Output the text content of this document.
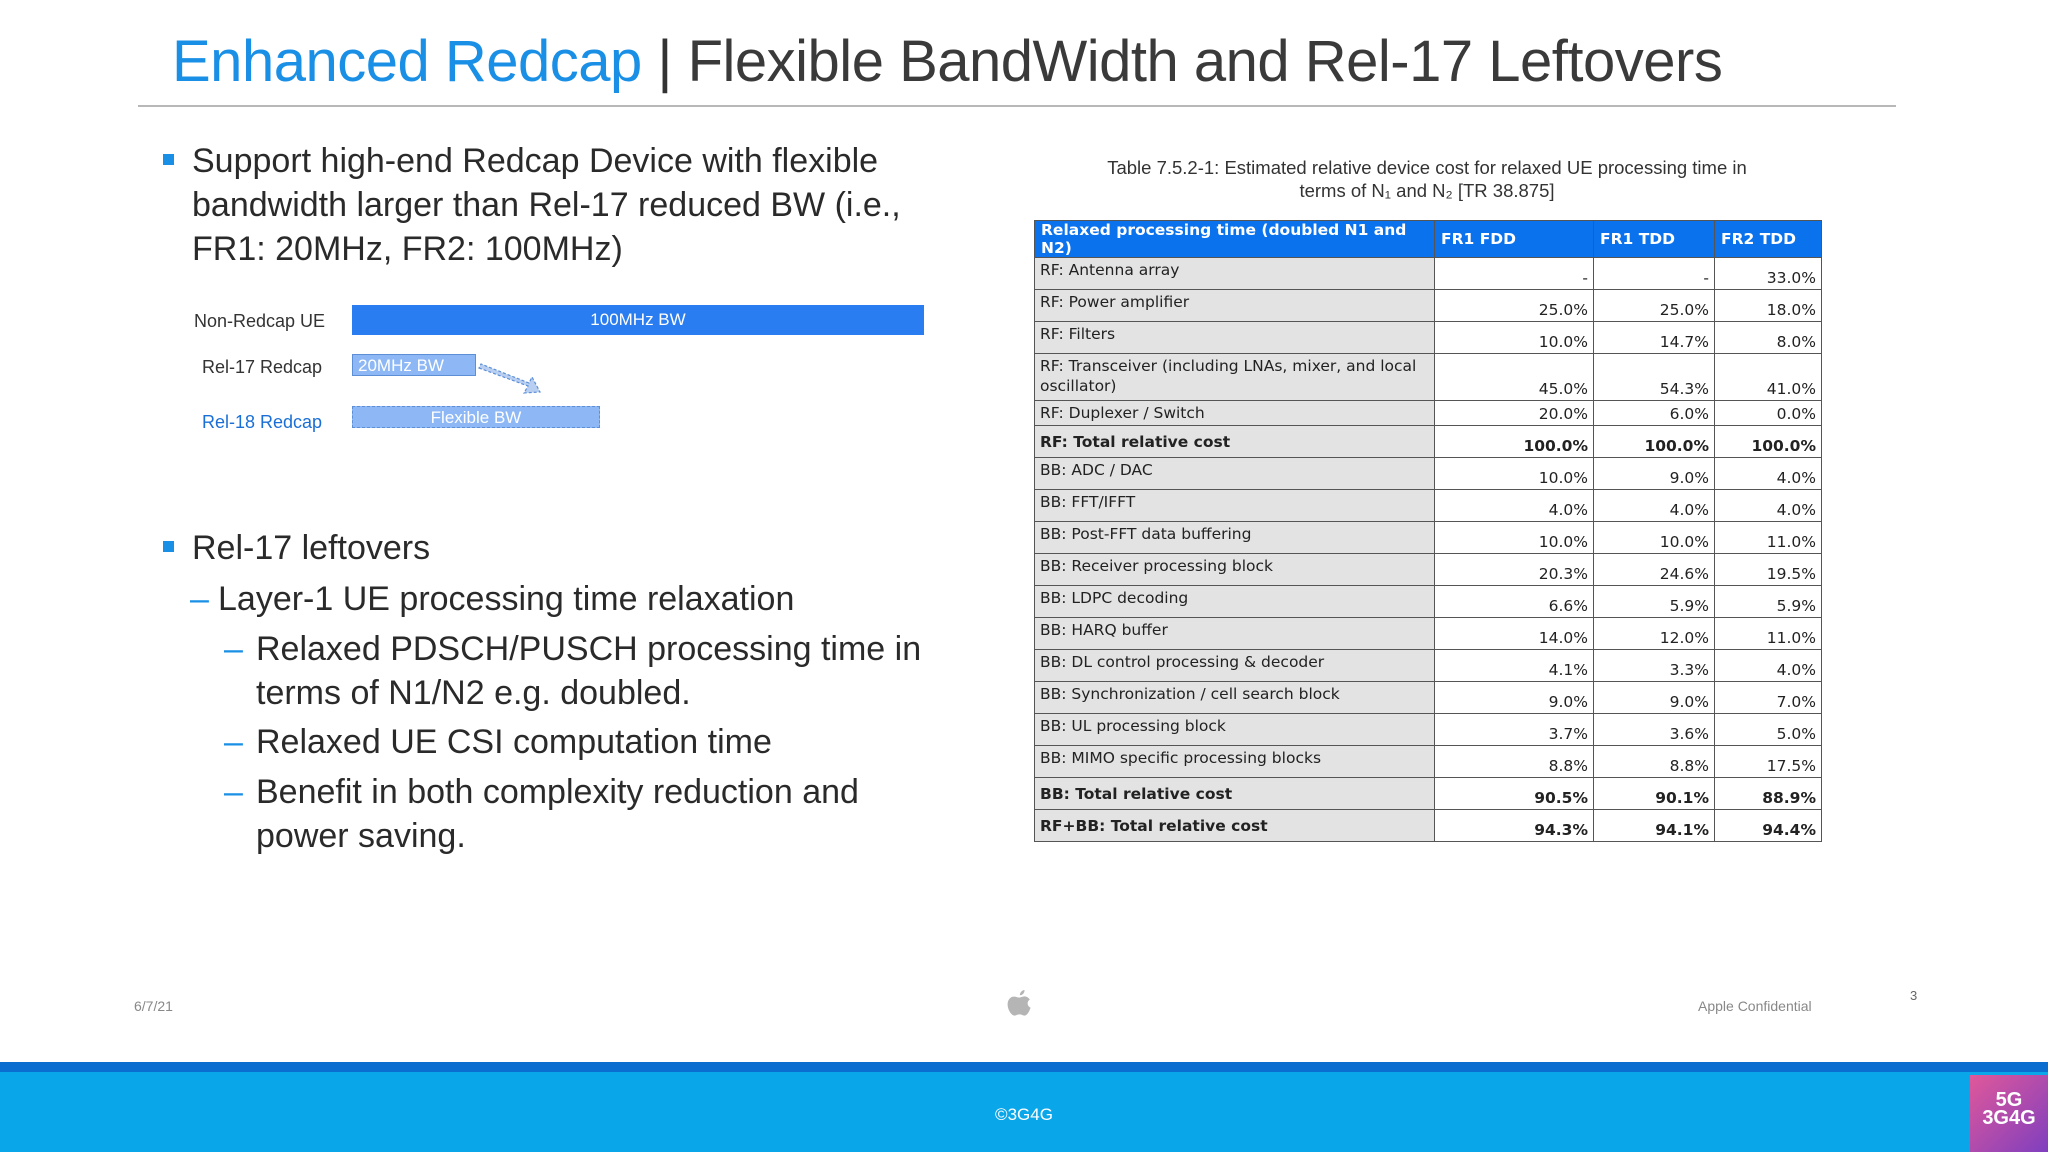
Enhanced Redcap | Flexible BandWidth and Rel-17 Leftovers
Support high-end Redcap Device with flexible
bandwidth larger than Rel-17 reduced BW (i.e.,
FR1: 20MHz, FR2: 100MHz)
Non-Redcap UE	100MHz BW
Rel-17 Redcap	20MHz BW
Rel-18 Redcap	Flexible BW
Rel-17 leftovers
– Layer-1 UE processing time relaxation
– Relaxed PDSCH/PUSCH processing time in
terms of N1/N2 e.g. doubled.
– Relaxed UE CSI computation time
– Benefit in both complexity reduction and
power saving.
Table 7.5.2-1: Estimated relative device cost for relaxed UE processing time in
terms of N₁ and N₂ [TR 38.875]
Relaxed processing time (doubled N1 and N2)	FR1 FDD	FR1 TDD	FR2 TDD
RF: Antenna array	-	-	33.0%
RF: Power amplifier	25.0%	25.0%	18.0%
RF: Filters	10.0%	14.7%	8.0%
RF: Transceiver (including LNAs, mixer, and local oscillator)	45.0%	54.3%	41.0%
RF: Duplexer / Switch	20.0%	6.0%	0.0%
RF: Total relative cost	100.0%	100.0%	100.0%
BB: ADC / DAC	10.0%	9.0%	4.0%
BB: FFT/IFFT	4.0%	4.0%	4.0%
BB: Post-FFT data buffering	10.0%	10.0%	11.0%
BB: Receiver processing block	20.3%	24.6%	19.5%
BB: LDPC decoding	6.6%	5.9%	5.9%
BB: HARQ buffer	14.0%	12.0%	11.0%
BB: DL control processing & decoder	4.1%	3.3%	4.0%
BB: Synchronization / cell search block	9.0%	9.0%	7.0%
BB: UL processing block	3.7%	3.6%	5.0%
BB: MIMO specific processing blocks	8.8%	8.8%	17.5%
BB: Total relative cost	90.5%	90.1%	88.9%
RF+BB: Total relative cost	94.3%	94.1%	94.4%
6/7/21	Apple Confidential
3
©3G4G
5G
3G4G
